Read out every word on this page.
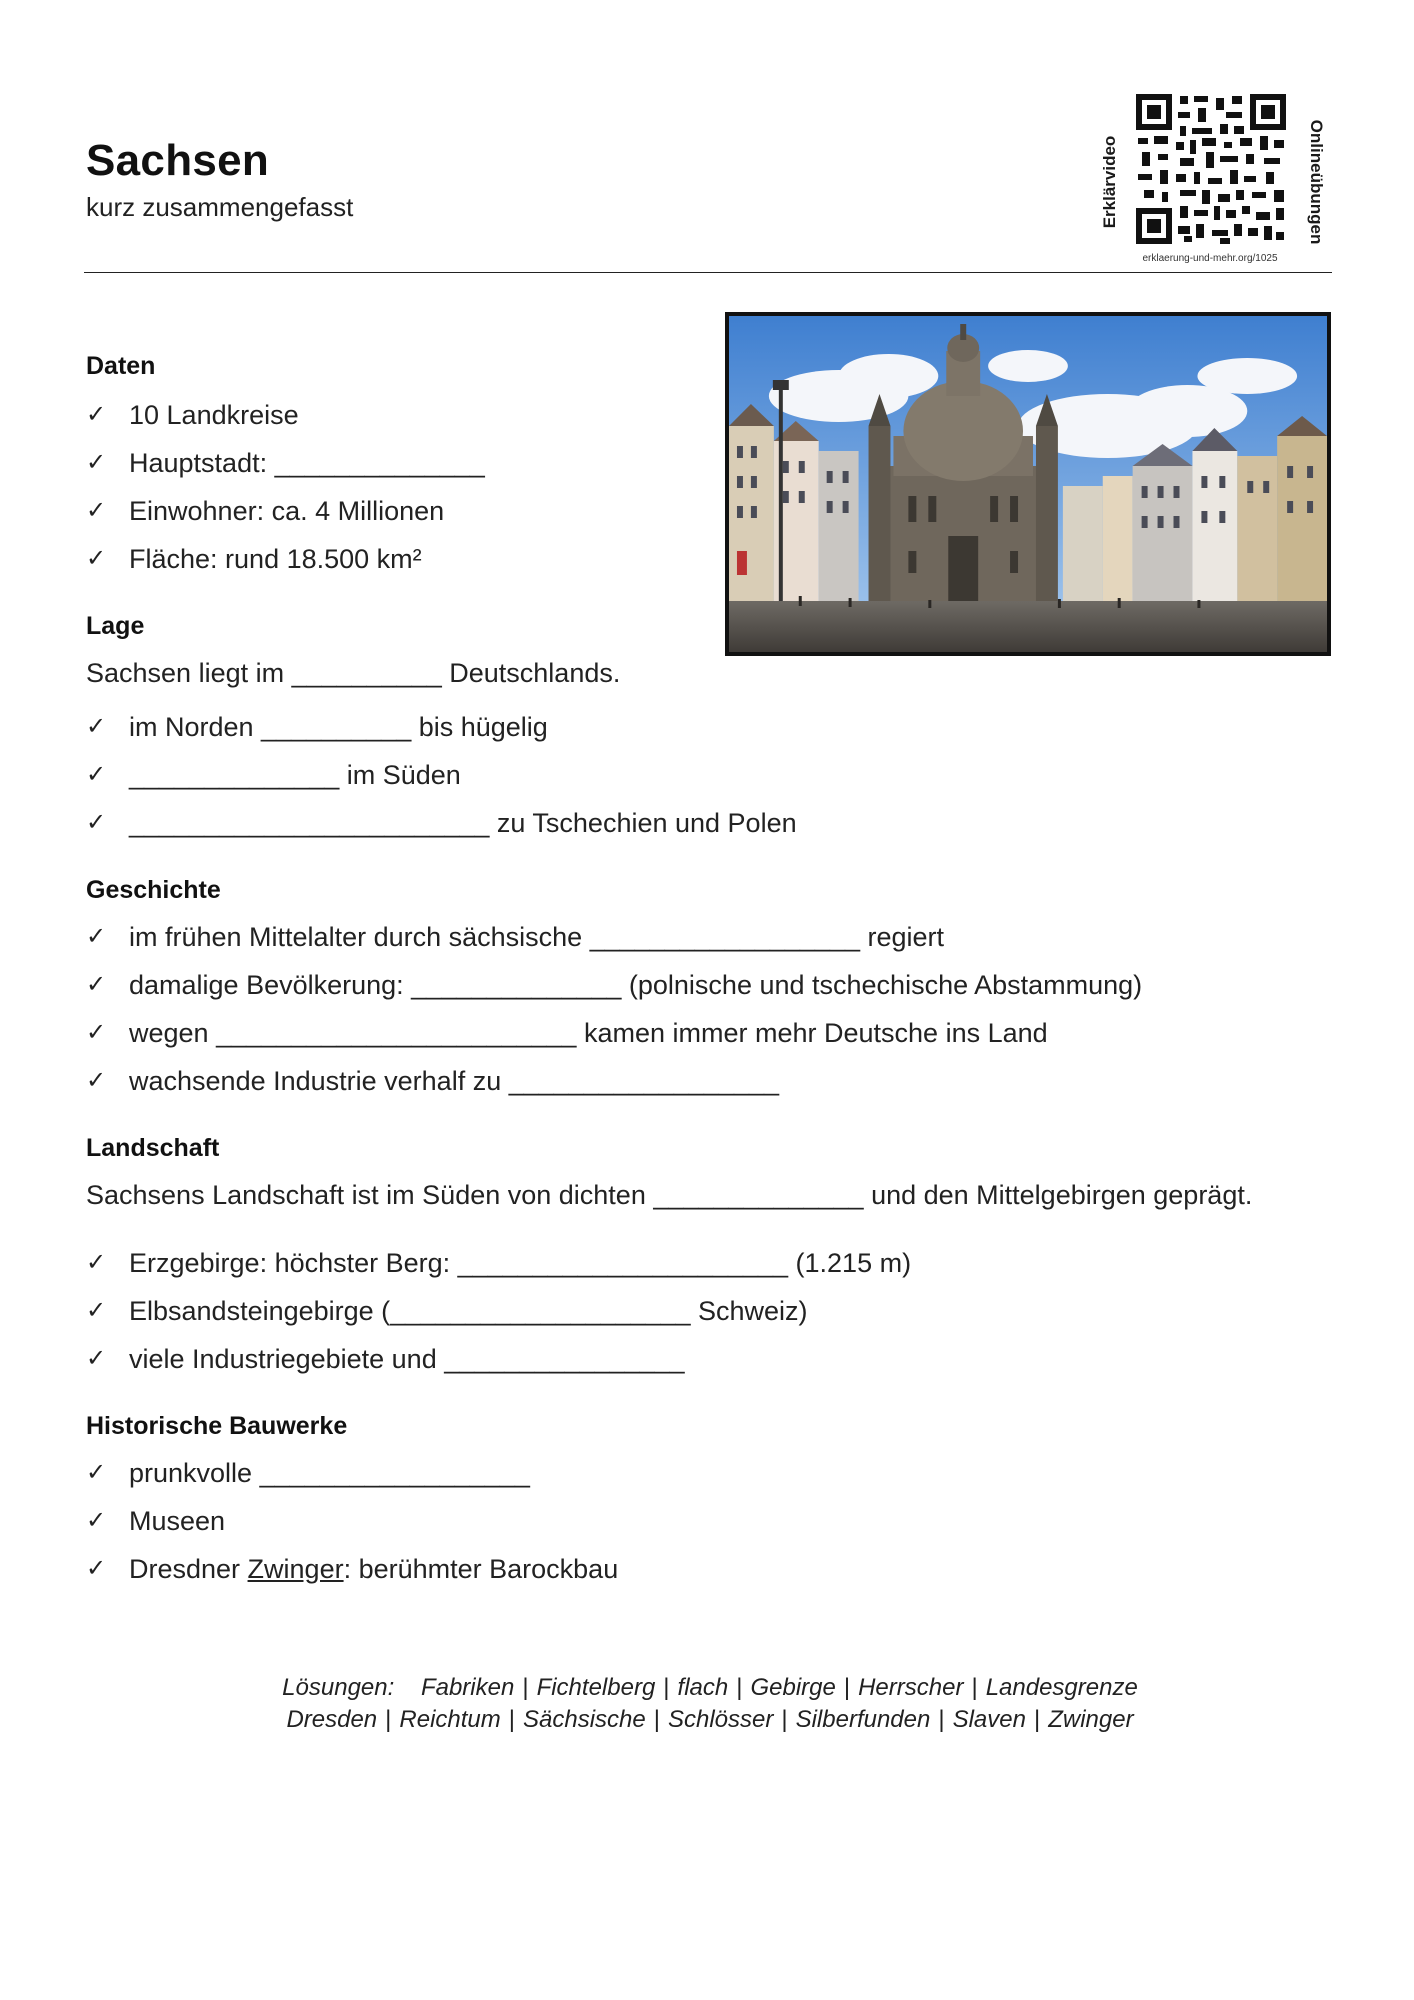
Sachsen
kurz zusammengefasst	Erklärvideo	Onlineübungen
erklaerung-und-mehr.org/1025
Daten
✓ 10 Landkreise
✓ Hauptstadt: ______________
✓ Einwohner: ca. 4 Millionen
✓ Fläche: rund 18.500 km²
Lage
Sachsen liegt im __________ Deutschlands.
✓ im Norden __________ bis hügelig
✓ ______________ im Süden
✓ ________________________ zu Tschechien und Polen
Geschichte
✓ im frühen Mittelalter durch sächsische __________________ regiert
✓ damalige Bevölkerung: ______________ (polnische und tschechische Abstammung)
✓ wegen ________________________ kamen immer mehr Deutsche ins Land
✓ wachsende Industrie verhalf zu __________________
Landschaft
Sachsens Landschaft ist im Süden von dichten ______________ und den Mittelgebirgen geprägt.
✓ Erzgebirge: höchster Berg: ______________________ (1.215 m)
✓ Elbsandsteingebirge (____________________ Schweiz)
✓ viele Industriegebiete und ________________
Historische Bauwerke
✓ prunkvolle __________________
✓ Museen
✓ Dresdner Zwinger: berühmter Barockbau
Lösungen: Fabriken | Fichtelberg | flach | Gebirge | Herrscher | Landesgrenze
Dresden | Reichtum | Sächsische | Schlösser | Silberfunden | Slaven | Zwinger
